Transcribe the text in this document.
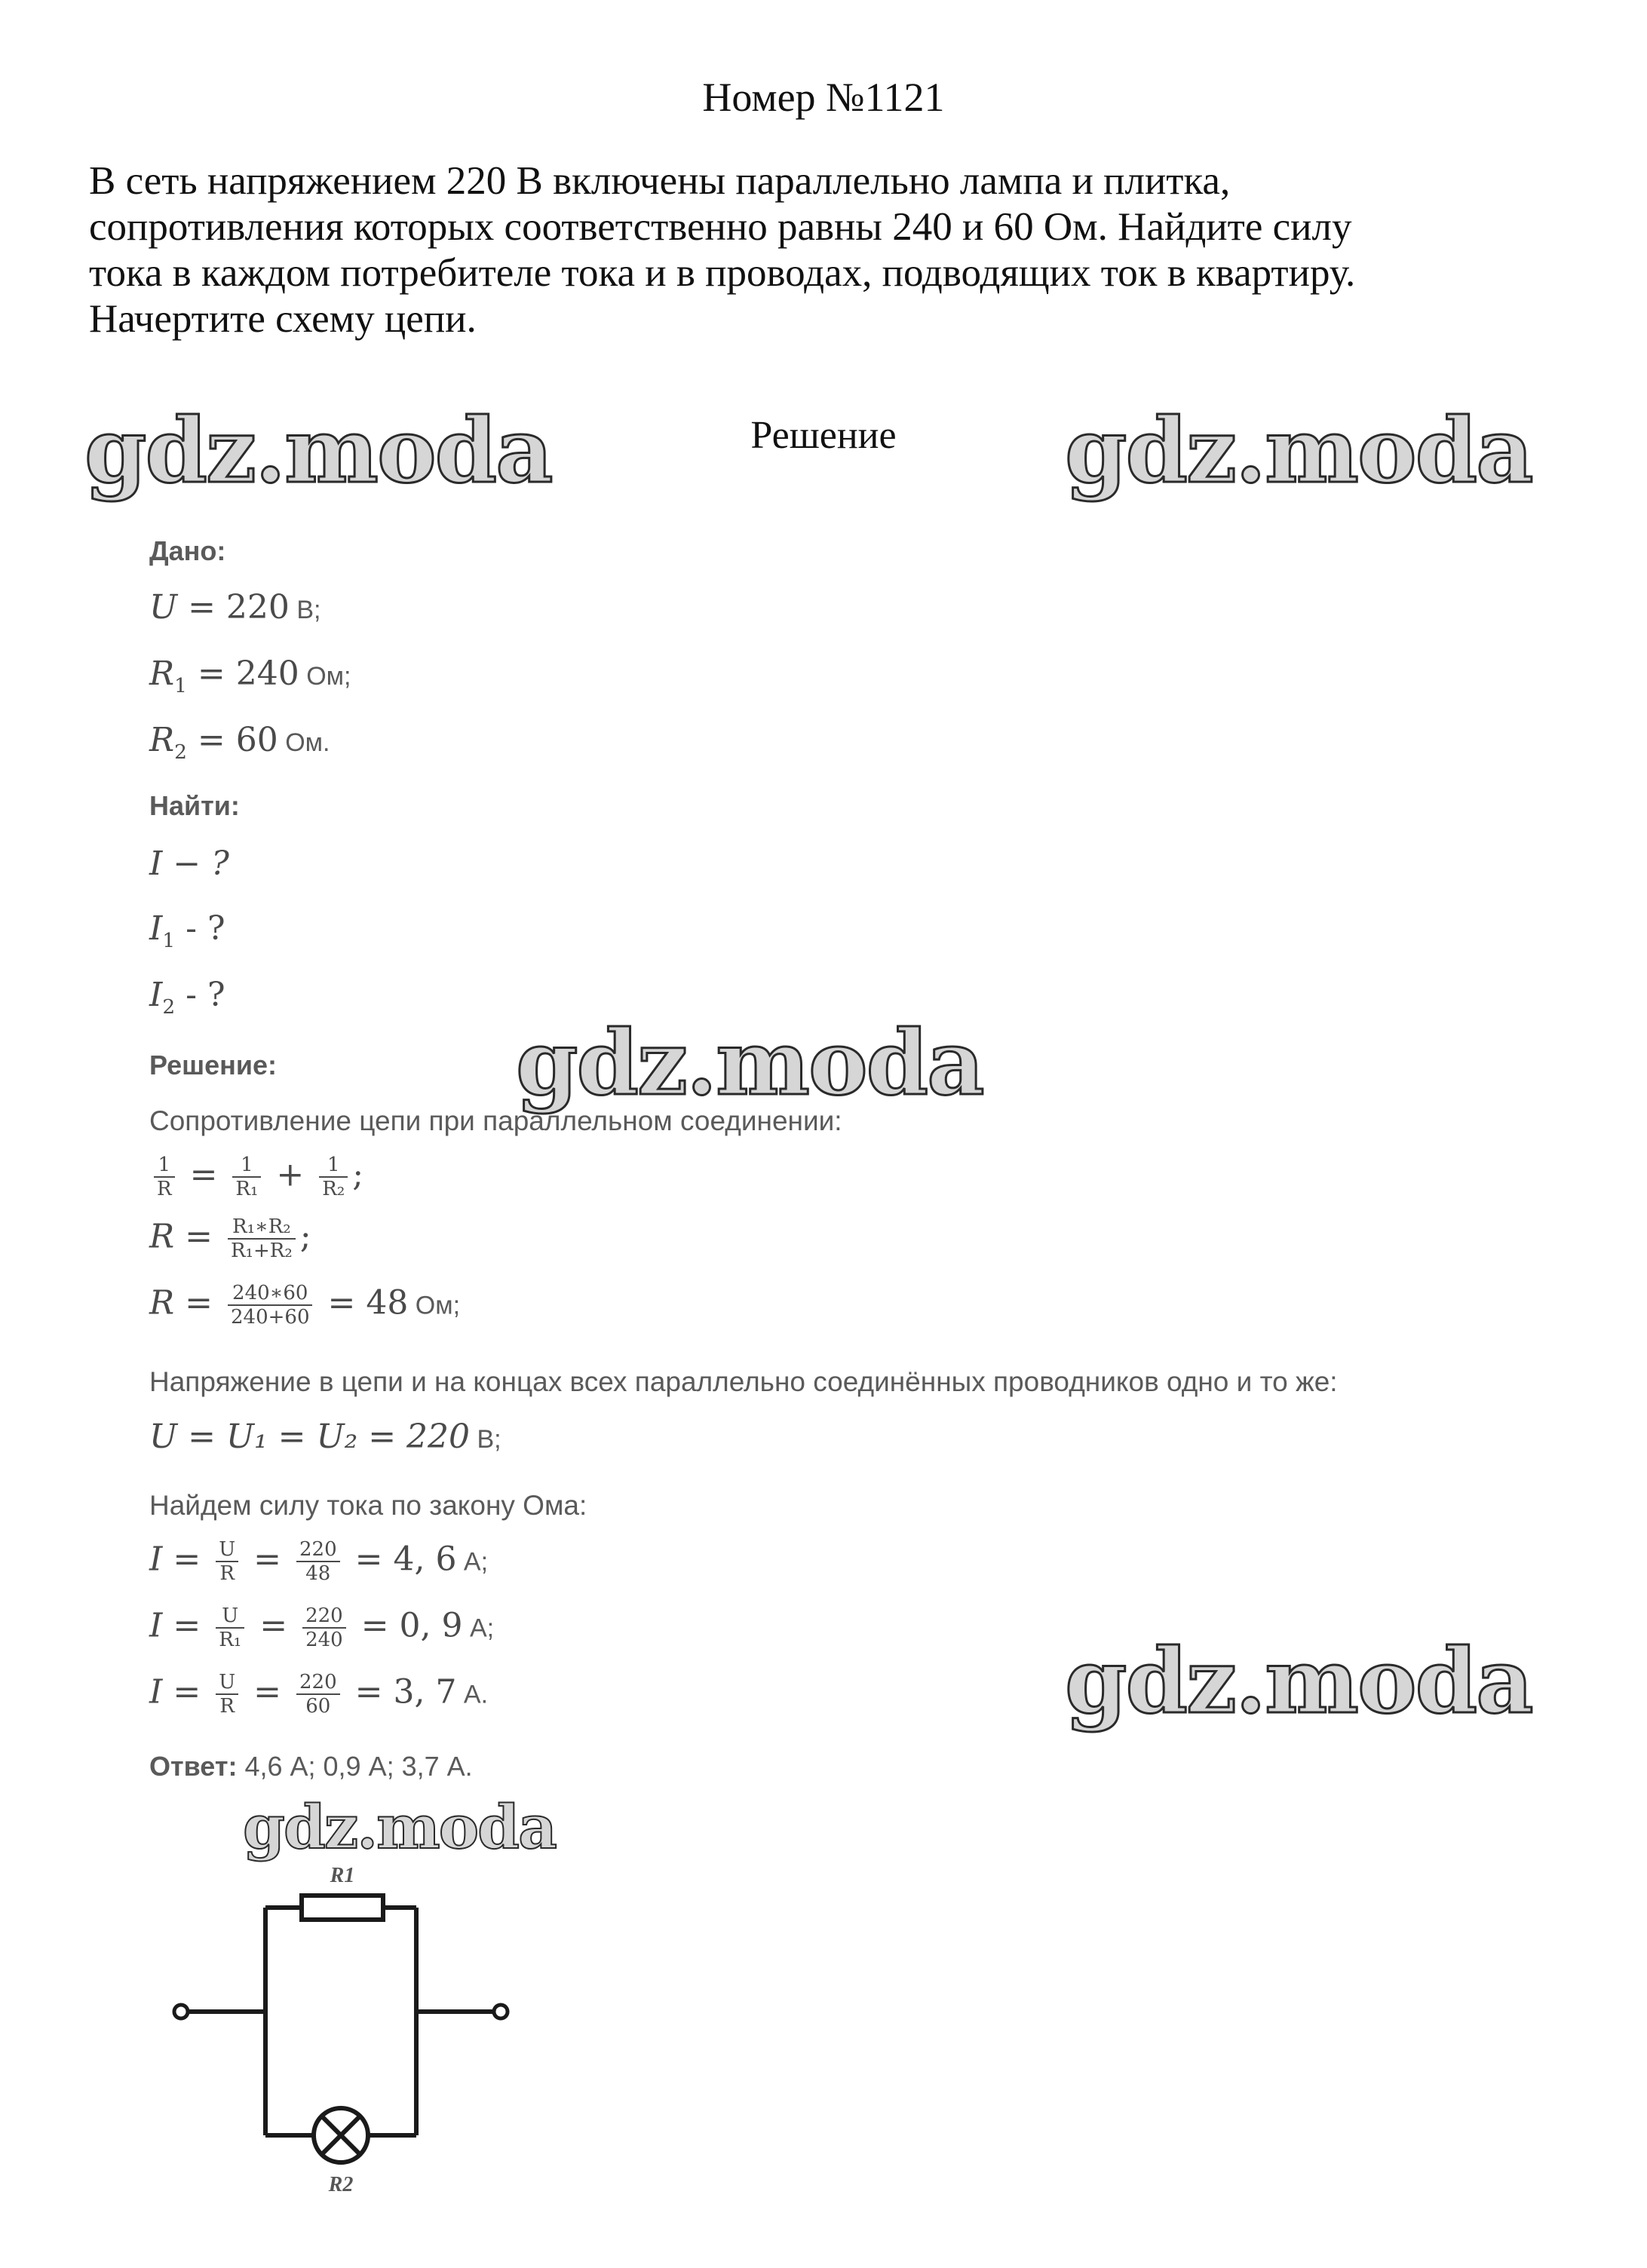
Номер №1121
В сеть напряжением 220 В включены параллельно лампа и плитка,
сопротивления которых соответственно равны 240 и 60 Ом. Найдите силу
тока в каждом потребителе тока и в проводах, подводящих ток в квартиру.
Начертите схему цепи.
Решение
gdz.moda	gdz.moda
gdz.moda
gdz.moda
gdz.moda
Дано:
U = 220 В;
$R_1 = 240$ Ом;
$R_2 = 60$ Ом.
Найти:
I − ?
$I_1$ - ?
$I_2$ - ?
Решение:
Сопротивление цепи при параллельном соединении:
$\frac{1}{R} = \frac{1}{\text{R₁}} + \frac{1}{\text{R₂}}$ ;
$R = \frac{\text{R₁∗R₂}}{\text{R₁+R₂}}$ ;
$R = \frac{240∗60}{240+60} = 48$ Ом;
Напряжение в цепи и на концах всех параллельно соединённых проводников одно и то же:
U = U₁ = U₂ = 220 В;
Найдем силу тока по закону Ома:
$I = \frac{U}{R} = \frac{220}{48} = 4$, 6 А;
$I = \frac{U}{\text{R₁}} = \frac{220}{240} = 0$, 9 А;
$I = \frac{U}{R} = \frac{220}{60} = 3$, 7 А.
Ответ: 4,6 А; 0,9 А; 3,7 А.
R1
R2
